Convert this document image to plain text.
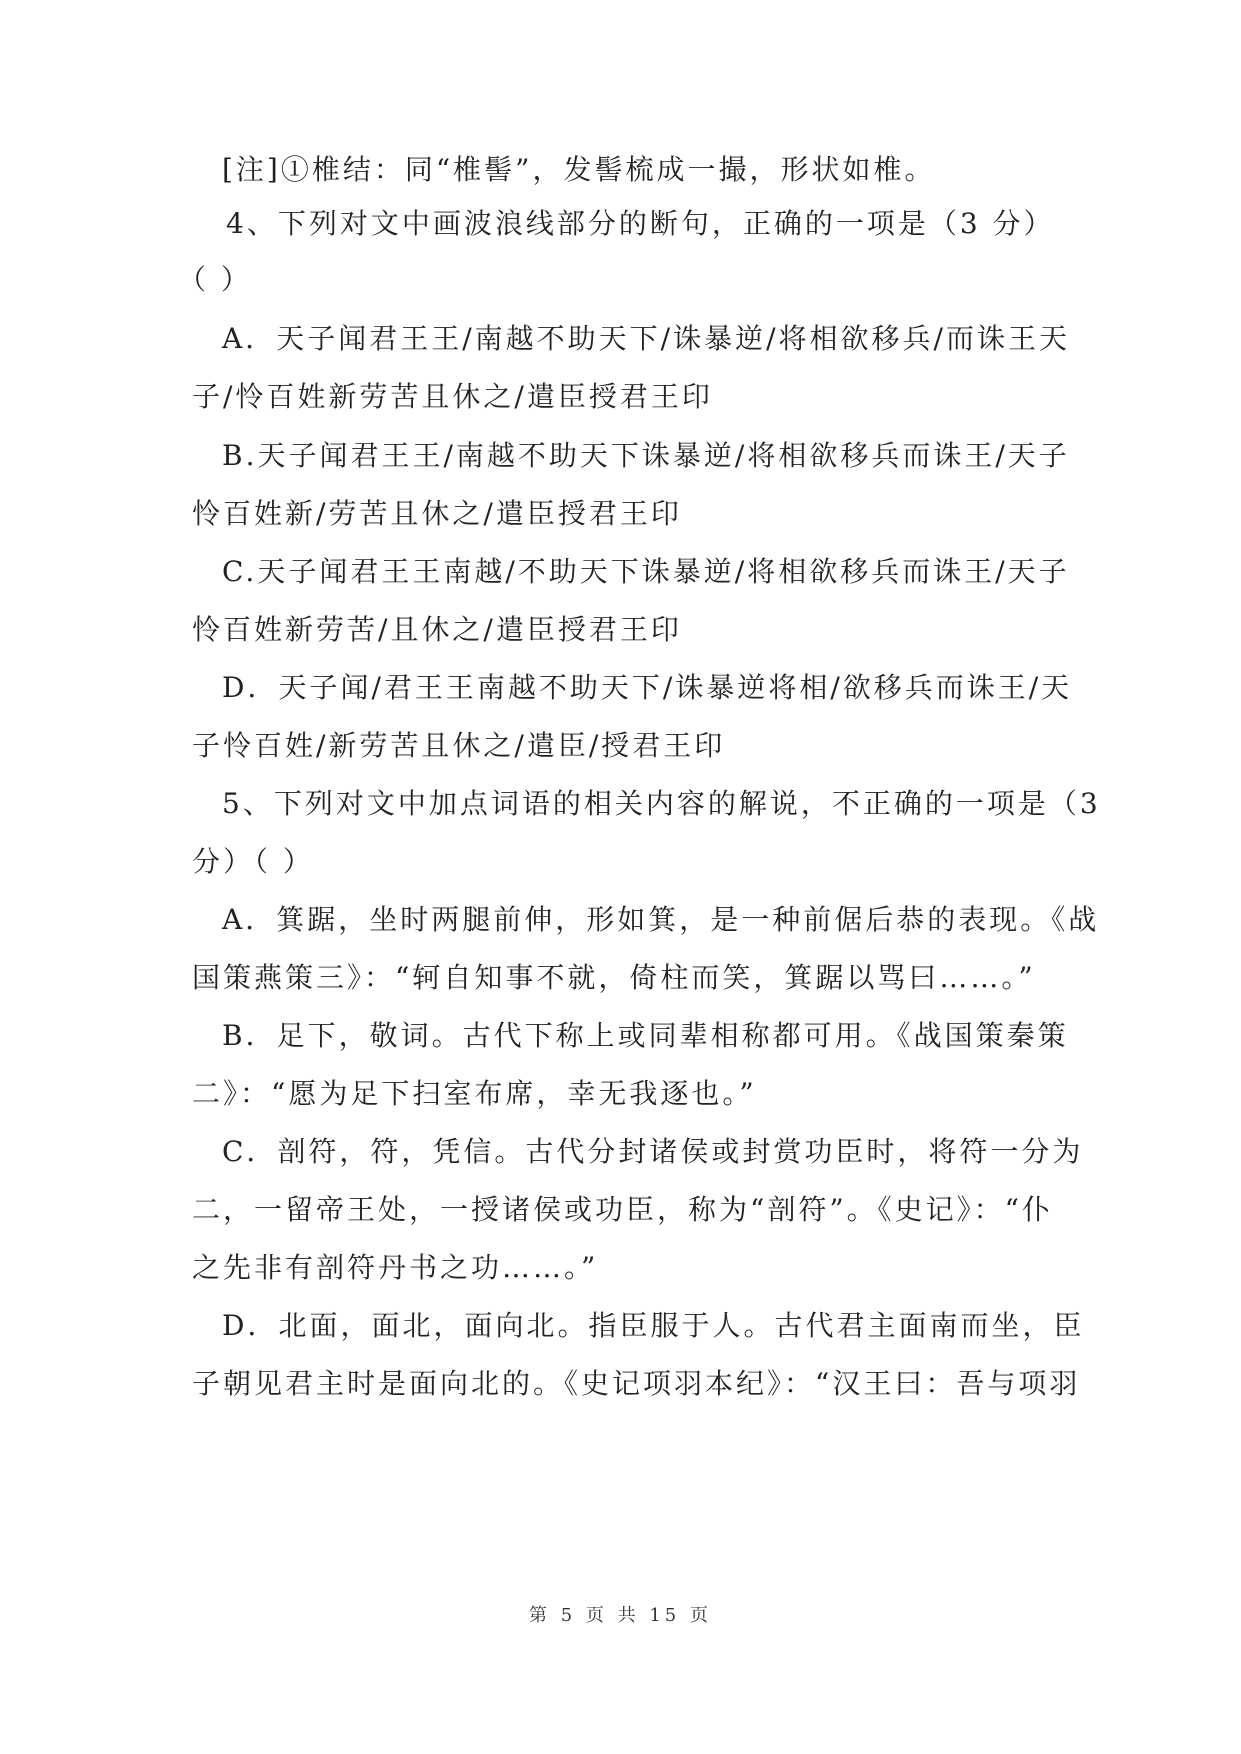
[注]①椎结：同“椎髻”，发髻梳成一撮，形状如椎。

4、下列对文中画波浪线部分的断句，正确的一项是（3 分）

（ ）

A．天子闻君王王/南越不助天下/诛暴逆/将相欲移兵/而诛王天

子/怜百姓新劳苦且休之/遣臣授君王印

B.天子闻君王王/南越不助天下诛暴逆/将相欲移兵而诛王/天子

怜百姓新/劳苦且休之/遣臣授君王印

C.天子闻君王王南越/不助天下诛暴逆/将相欲移兵而诛王/天子

怜百姓新劳苦/且休之/遣臣授君王印

D．天子闻/君王王南越不助天下/诛暴逆将相/欲移兵而诛王/天

子怜百姓/新劳苦且休之/遣臣/授君王印

5、下列对文中加点词语的相关内容的解说，不正确的一项是（3

分）（ ）

A．箕踞，坐时两腿前伸，形如箕，是一种前倨后恭的表现。《战

国策燕策三》：“轲自知事不就，倚柱而笑，箕踞以骂曰……。”

B．足下，敬词。古代下称上或同辈相称都可用。《战国策秦策

二》：“愿为足下扫室布席，幸无我逐也。”

C．剖符，符，凭信。古代分封诸侯或封赏功臣时，将符一分为

二，一留帝王处，一授诸侯或功臣，称为“剖符”。《史记》：“仆

之先非有剖符丹书之功……。”

D．北面，面北，面向北。指臣服于人。古代君主面南而坐，臣

子朝见君主时是面向北的。《史记项羽本纪》：“汉王曰：吾与项羽

第 5 页 共 15 页
